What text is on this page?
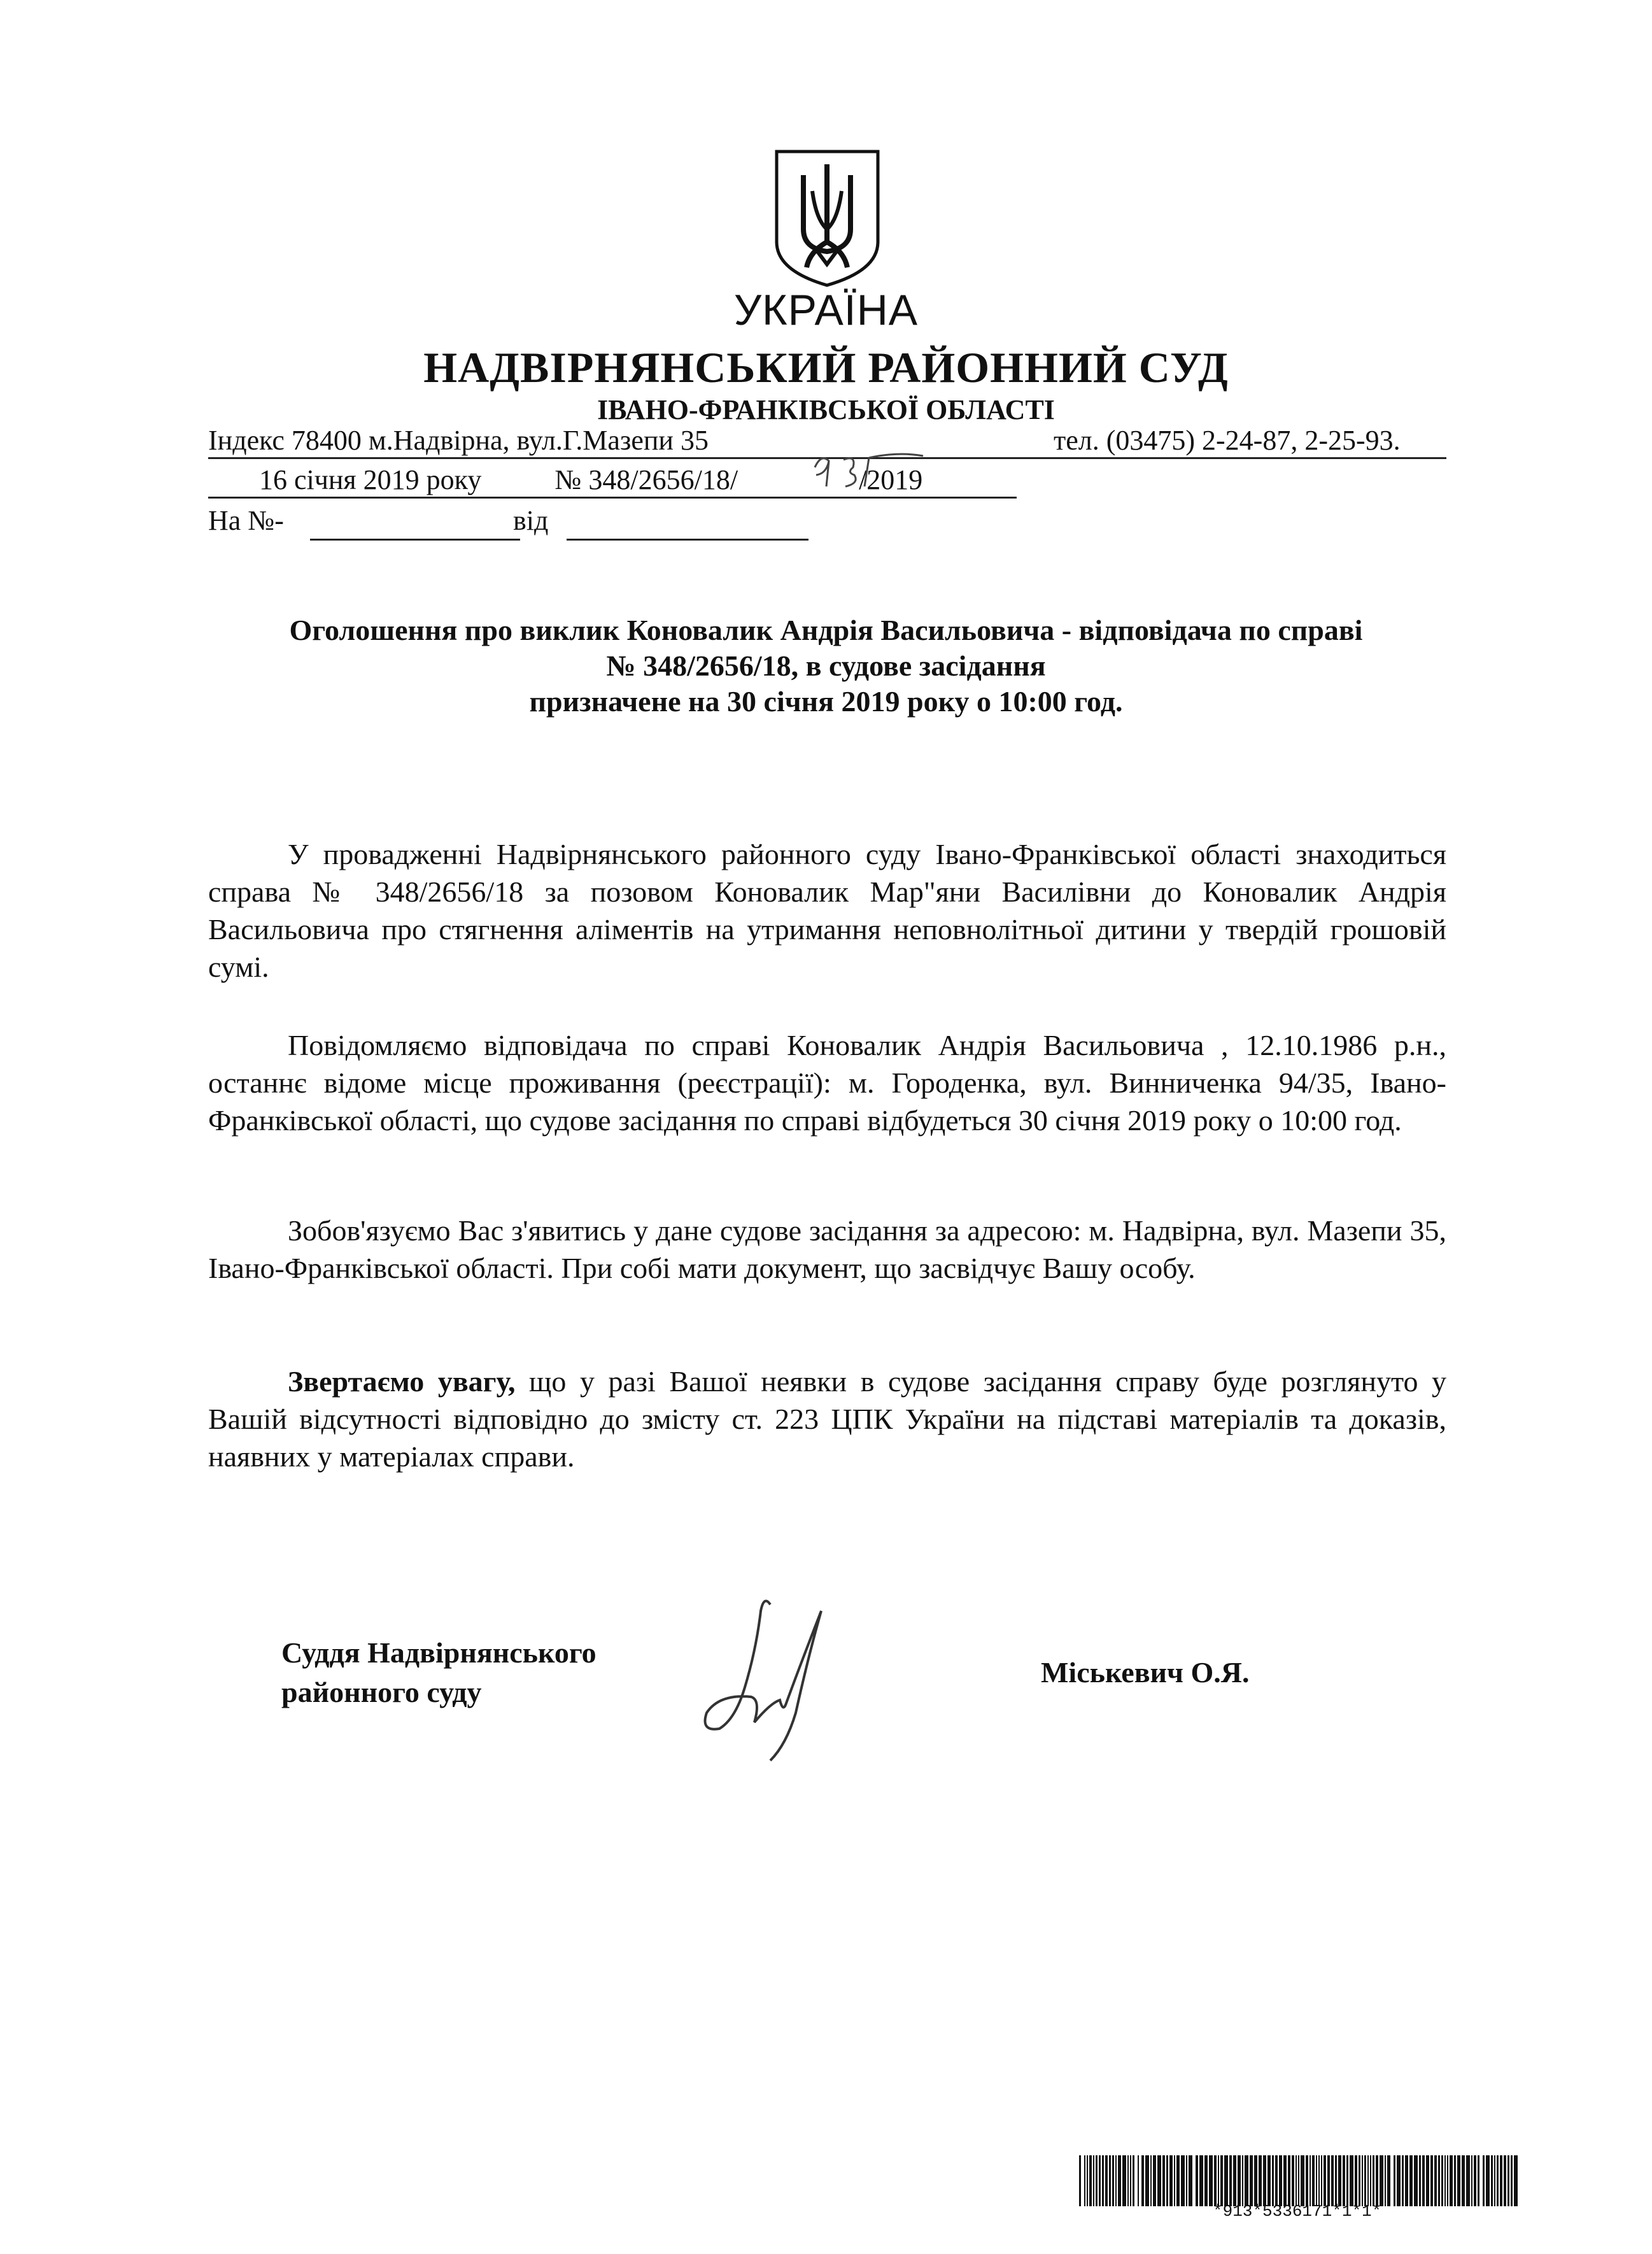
УКРАЇНА
НАДВІРНЯНСЬКИЙ РАЙОННИЙ СУД
ІВАНО-ФРАНКІВСЬКОЇ ОБЛАСТІ
Індекс 78400 м.Надвірна, вул.Г.Мазепи 35	тел. (03475) 2-24-87, 2-25-93.
16 січня 2019 року	№ 348/2656/18/	/2019
На №-	від
Оголошення про виклик Коновалик Андрія Васильовича - відповідача по справі
№ 348/2656/18, в судове засідання
призначене на 30 січня 2019 року о 10:00 год.

У провадженні Надвірнянського районного суду Івано-Франківської області знаходиться справа № 348/2656/18 за позовом Коновалик Мар"яни Василівни до Коновалик Андрія Васильовича про стягнення аліментів на утримання неповнолітньої дитини у твердій грошовій сумі.

Повідомляємо відповідача по справі Коновалик Андрія Васильовича , 12.10.1986 р.н., останнє відоме місце проживання (реєстрації): м. Городенка, вул. Винниченка 94/35, Івано-Франківської області, що судове засідання по справі відбудеться 30 січня 2019 року о 10:00 год.

Зобов'язуємо Вас з'явитись у дане судове засідання за адресою: м. Надвірна, вул. Мазепи 35, Івано-Франківської області. При собі мати документ, що засвідчує Вашу особу.

Звертаємо увагу, що у разі Вашої неявки в судове засідання справу буде розглянуто у Вашій відсутності відповідно до змісту ст. 223 ЦПК України на підставі матеріалів та доказів, наявних у матеріалах справи.

Суддя Надвірнянського
районного суду
Міськевич О.Я.
*913*5336171*1*1*
